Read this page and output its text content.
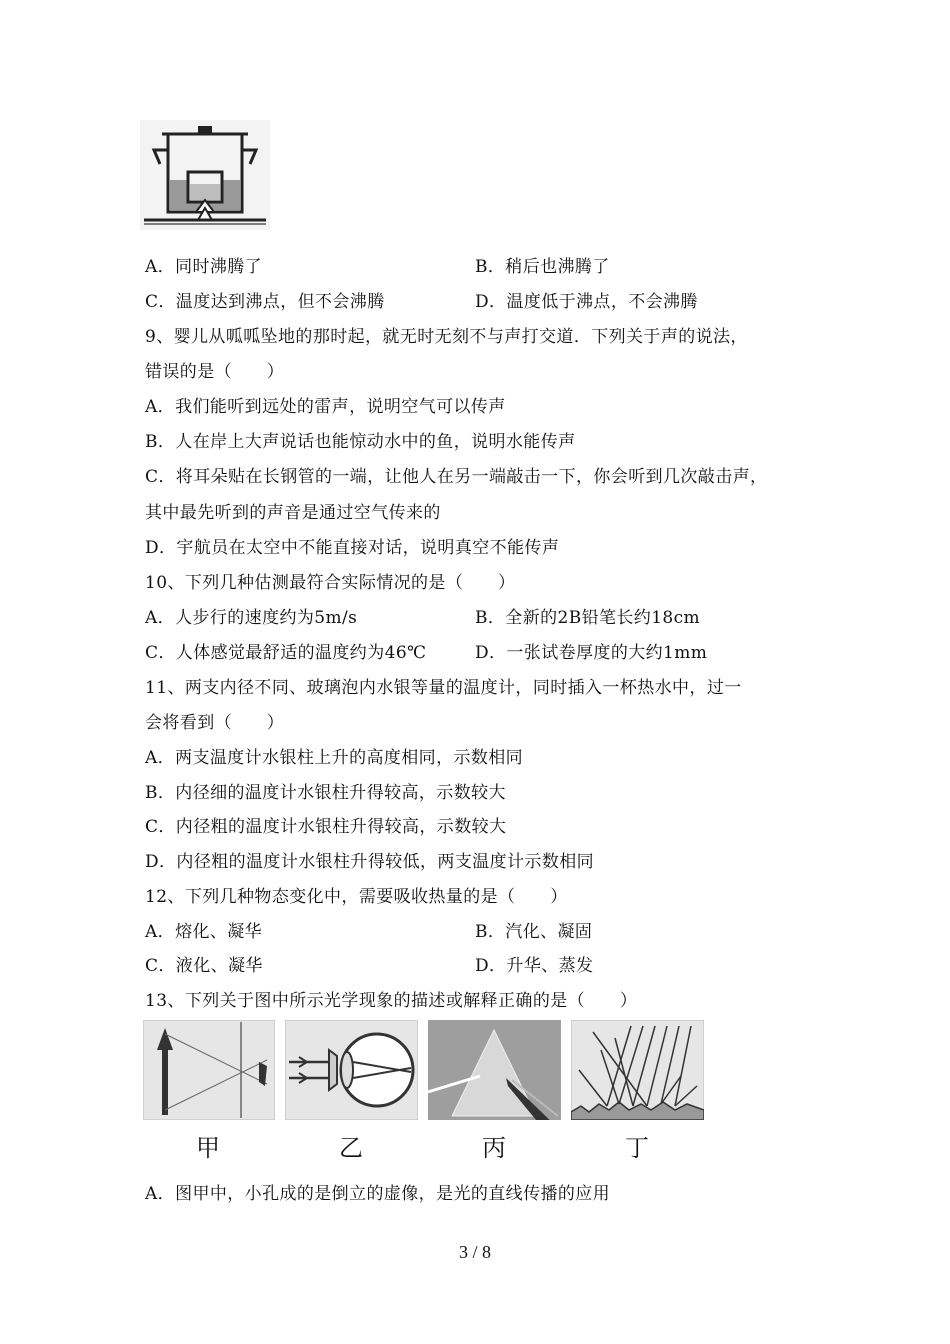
A．同时沸腾了	B．稍后也沸腾了
C．温度达到沸点，但不会沸腾	D．温度低于沸点，不会沸腾
9、婴儿从呱呱坠地的那时起，就无时无刻不与声打交道．下列关于声的说法，
错误的是（　　）
A．我们能听到远处的雷声，说明空气可以传声
B．人在岸上大声说话也能惊动水中的鱼，说明水能传声
C．将耳朵贴在长钢管的一端，让他人在另一端敲击一下，你会听到几次敲击声，
其中最先听到的声音是通过空气传来的
D．宇航员在太空中不能直接对话，说明真空不能传声
10、下列几种估测最符合实际情况的是（　　）
A．人步行的速度约为5m/s	B．全新的2B铅笔长约18cm
C．人体感觉最舒适的温度约为46℃	D．一张试卷厚度的大约1mm
11、两支内径不同、玻璃泡内水银等量的温度计，同时插入一杯热水中，过一
会将看到（　　）
A．两支温度计水银柱上升的高度相同，示数相同
B．内径细的温度计水银柱升得较高，示数较大
C．内径粗的温度计水银柱升得较高，示数较大
D．内径粗的温度计水银柱升得较低，两支温度计示数相同
12、下列几种物态变化中，需要吸收热量的是（　　）
A．熔化、凝华	B．汽化、凝固
C．液化、凝华	D．升华、蒸发
13、下列关于图中所示光学现象的描述或解释正确的是（　　）
甲	乙	丙	丁
A．图甲中，小孔成的是倒立的虚像，是光的直线传播的应用
3 / 8
